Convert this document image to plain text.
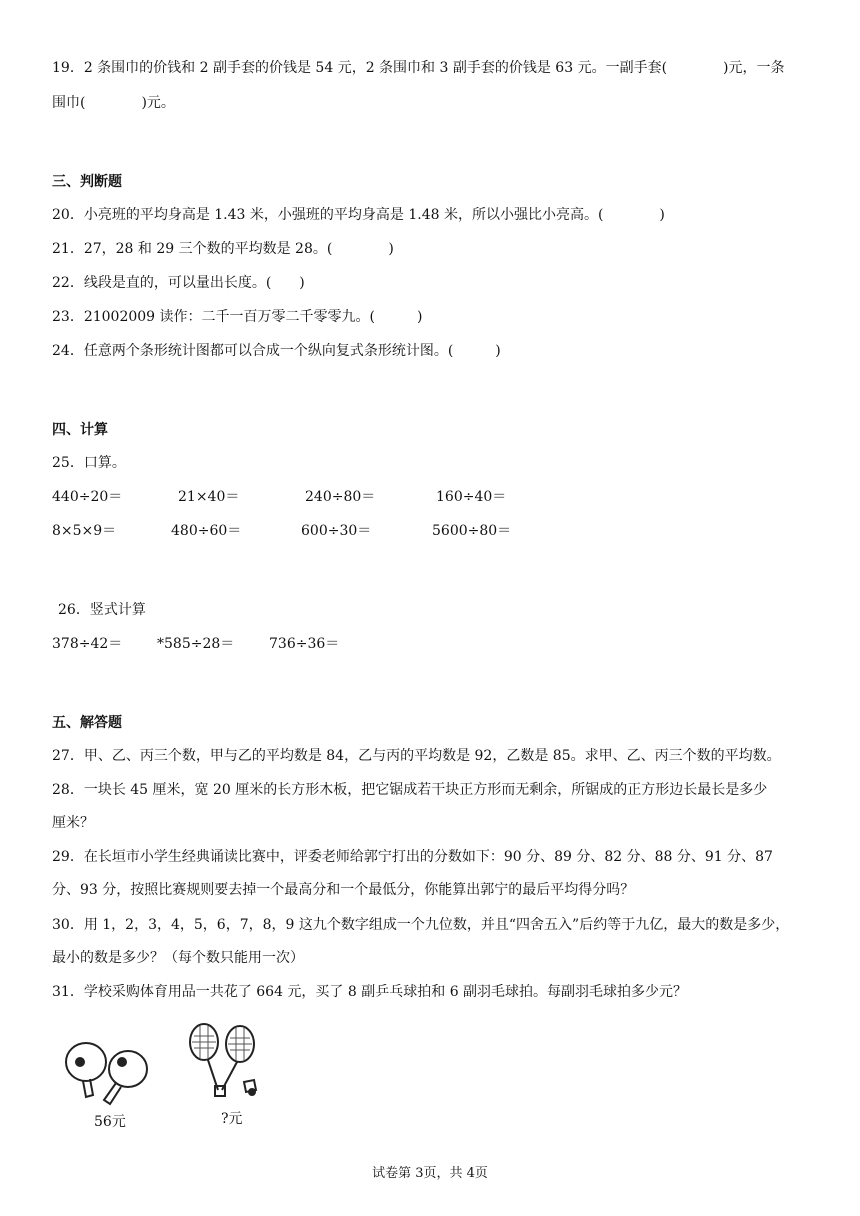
19．2 条围巾的价钱和 2 副手套的价钱是 54 元，2 条围巾和 3 副手套的价钱是 63 元。一副手套(　　　　)元，一条
围巾(　　　　)元。
三、判断题
20．小亮班的平均身高是 1.43 米，小强班的平均身高是 1.48 米，所以小强比小亮高。(　　　　)
21．27，28 和 29 三个数的平均数是 28。(　　　　)
22．线段是直的，可以量出长度。(　　)
23．21002009 读作：二千一百万零二千零零九。(　　　)
24．任意两个条形统计图都可以合成一个纵向复式条形统计图。(　　　)
四、计算
25．口算。
440÷20＝	21×40＝	240÷80＝	160÷40＝
8×5×9＝	480÷60＝	600÷30＝	5600÷80＝
26．竖式计算
378÷42＝ *585÷28＝ 736÷36＝
五、解答题
27．甲、乙、丙三个数，甲与乙的平均数是 84，乙与丙的平均数是 92，乙数是 85。求甲、乙、丙三个数的平均数。
28．一块长 45 厘米，宽 20 厘米的长方形木板，把它锯成若干块正方形而无剩余，所锯成的正方形边长最长是多少
厘米？
29．在长垣市小学生经典诵读比赛中，评委老师给郭宁打出的分数如下：90 分、89 分、82 分、88 分、91 分、87
分、93 分，按照比赛规则要去掉一个最高分和一个最低分，你能算出郭宁的最后平均得分吗？
30．用 1，2，3，4，5，6，7，8，9 这九个数字组成一个九位数，并且“四舍五入”后约等于九亿，最大的数是多少，
最小的数是多少？（每个数只能用一次）
31．学校采购体育用品一共花了 664 元，买了 8 副乒乓球拍和 6 副羽毛球拍。每副羽毛球拍多少元？
56元	?元
试卷第 3页，共 4页
